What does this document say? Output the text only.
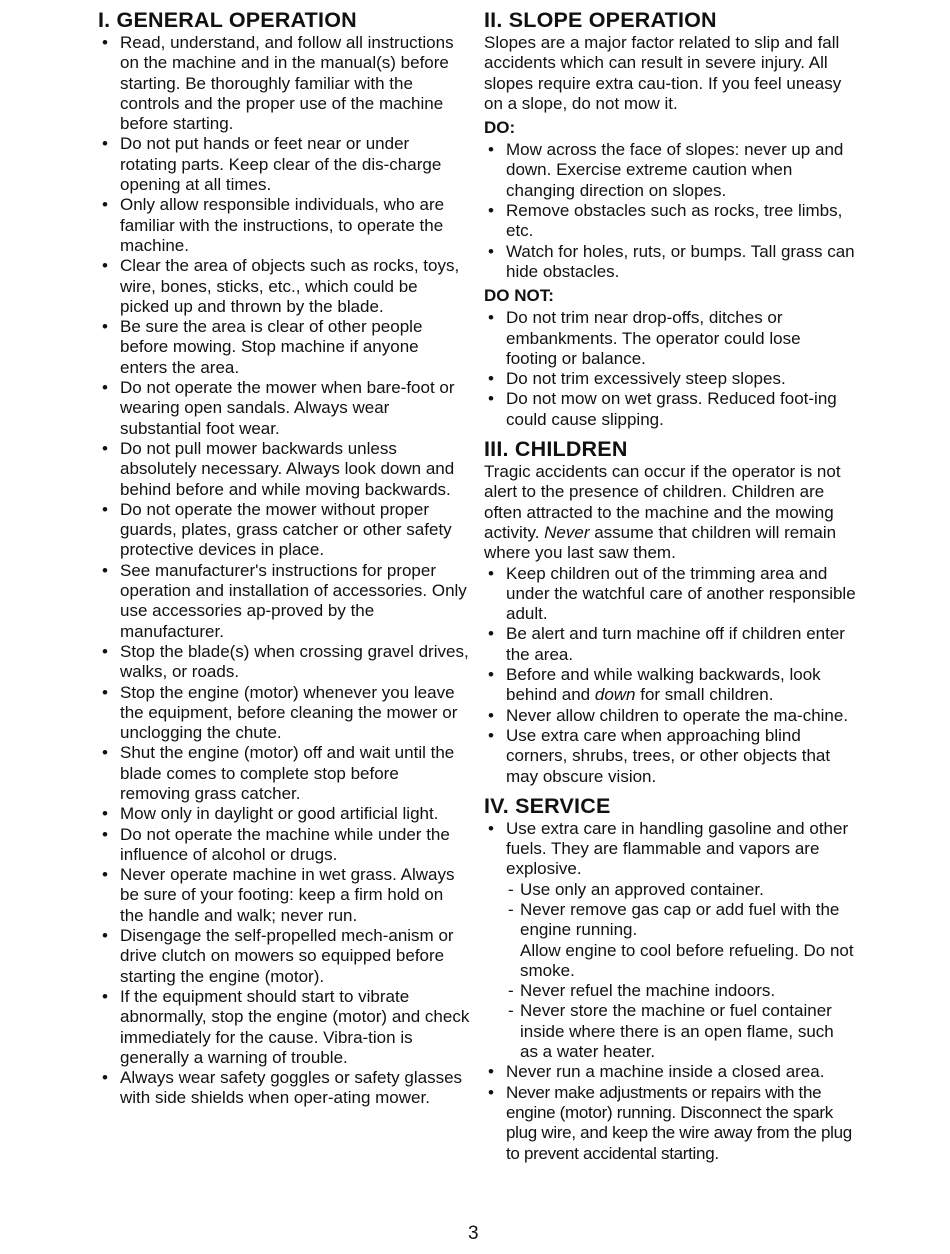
I. GENERAL OPERATION
• Read, understand, and follow all instructions on the machine and in the manual(s) before starting. Be thoroughly familiar with the controls and the proper use of the machine before starting.
• Do not put hands or feet near or under rotating parts. Keep clear of the dis-charge opening at all times.
• Only allow responsible individuals, who are familiar with the instructions, to operate the machine.
• Clear the area of objects such as rocks, toys, wire, bones, sticks, etc., which could be picked up and thrown by the blade.
• Be sure the area is clear of other people before mowing. Stop machine if anyone enters the area.
• Do not operate the mower when bare-foot or wearing open sandals. Always wear substantial foot wear.
• Do not pull mower backwards unless absolutely necessary. Always look down and behind before and while moving backwards.
• Do not operate the mower without proper guards, plates, grass catcher or other safety protective devices in place.
• See manufacturer's instructions for proper operation and installation of accessories. Only use accessories ap-proved by the manufacturer.
• Stop the blade(s) when crossing gravel drives, walks, or roads.
• Stop the engine (motor) whenever you leave the equipment, before cleaning the mower or unclogging the chute.
• Shut the engine (motor) off and wait until the blade comes to complete stop before removing grass catcher.
• Mow only in daylight or good artificial light.
• Do not operate the machine while under the influence of alcohol or drugs.
• Never operate machine in wet grass. Always be sure of your footing: keep a firm hold on the handle and walk; never run.
• Disengage the self-propelled mech-anism or drive clutch on mowers so equipped before starting the engine (motor).
• If the equipment should start to vibrate abnormally, stop the engine (motor) and check immediately for the cause. Vibra-tion is generally a warning of trouble.
• Always wear safety goggles or safety glasses with side shields when oper-ating mower.
II. SLOPE OPERATION

Slopes are a major factor related to slip and fall accidents which can result in severe injury. All slopes require extra cau-tion. If you feel uneasy on a slope, do not mow it.

DO:
• Mow across the face of slopes: never up and down. Exercise extreme caution when changing direction on slopes.
• Remove obstacles such as rocks, tree limbs, etc.
• Watch for holes, ruts, or bumps. Tall grass can hide obstacles.
DO NOT:
• Do not trim near drop-offs, ditches or embankments. The operator could lose footing or balance.
• Do not trim excessively steep slopes.
• Do not mow on wet grass. Reduced foot-ing could cause slipping.
III. CHILDREN

Tragic accidents can occur if the operator is not alert to the presence of children. Children are often attracted to the machine and the mowing activity. Never assume that children will remain where you last saw them.

• Keep children out of the trimming area and under the watchful care of another responsible adult.
• Be alert and turn machine off if children enter the area.
• Before and while walking backwards, look behind and down for small children.
• Never allow children to operate the ma-chine.
• Use extra care when approaching blind corners, shrubs, trees, or other objects that may obscure vision.
IV. SERVICE
• Use extra care in handling gasoline and other fuels. They are flammable and vapors are explosive.
- Use only an approved container.
- Never remove gas cap or add fuel with the engine running.
Allow engine to cool before refueling. Do not smoke.
- Never refuel the machine indoors.
- Never store the machine or fuel container inside where there is an open flame, such as a water heater.
• Never run a machine inside a closed area.
• Never make adjustments or repairs with the engine (motor) running. Disconnect the spark plug wire, and keep the wire away from the plug to prevent accidental starting.
3
